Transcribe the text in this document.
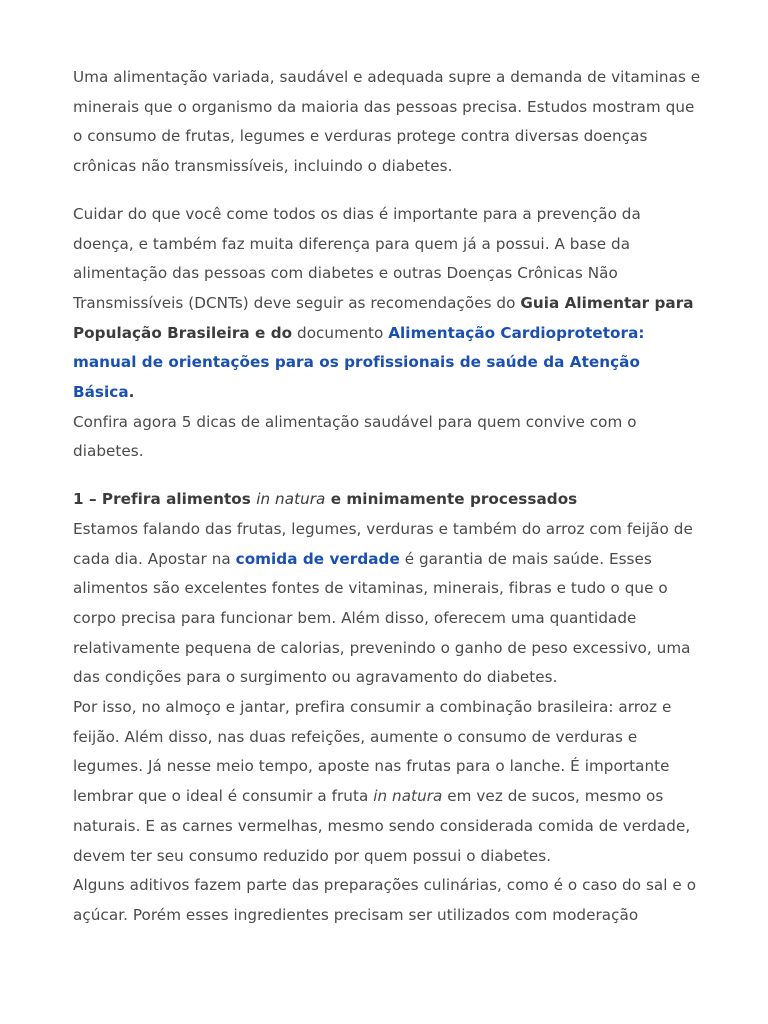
Uma alimentação variada, saudável e adequada supre a demanda de vitaminas e minerais que o organismo da maioria das pessoas precisa. Estudos mostram que o consumo de frutas, legumes e verduras protege contra diversas doenças crônicas não transmissíveis, incluindo o diabetes.

Cuidar do que você come todos os dias é importante para a prevenção da doença, e também faz muita diferença para quem já a possui. A base da alimentação das pessoas com diabetes e outras Doenças Crônicas Não Transmissíveis (DCNTs) deve seguir as recomendações do Guia Alimentar para População Brasileira e do documento Alimentação Cardioprotetora: manual de orientações para os profissionais de saúde da Atenção Básica.

Confira agora 5 dicas de alimentação saudável para quem convive com o diabetes.

1 – Prefira alimentos in natura e minimamente processados

Estamos falando das frutas, legumes, verduras e também do arroz com feijão de cada dia. Apostar na comida de verdade é garantia de mais saúde. Esses alimentos são excelentes fontes de vitaminas, minerais, fibras e tudo o que o corpo precisa para funcionar bem. Além disso, oferecem uma quantidade relativamente pequena de calorias, prevenindo o ganho de peso excessivo, uma das condições para o surgimento ou agravamento do diabetes.

Por isso, no almoço e jantar, prefira consumir a combinação brasileira: arroz e feijão. Além disso, nas duas refeições, aumente o consumo de verduras e legumes. Já nesse meio tempo, aposte nas frutas para o lanche. É importante lembrar que o ideal é consumir a fruta in natura em vez de sucos, mesmo os naturais. E as carnes vermelhas, mesmo sendo considerada comida de verdade, devem ter seu consumo reduzido por quem possui o diabetes.

Alguns aditivos fazem parte das preparações culinárias, como é o caso do sal e o açúcar. Porém esses ingredientes precisam ser utilizados com moderação
